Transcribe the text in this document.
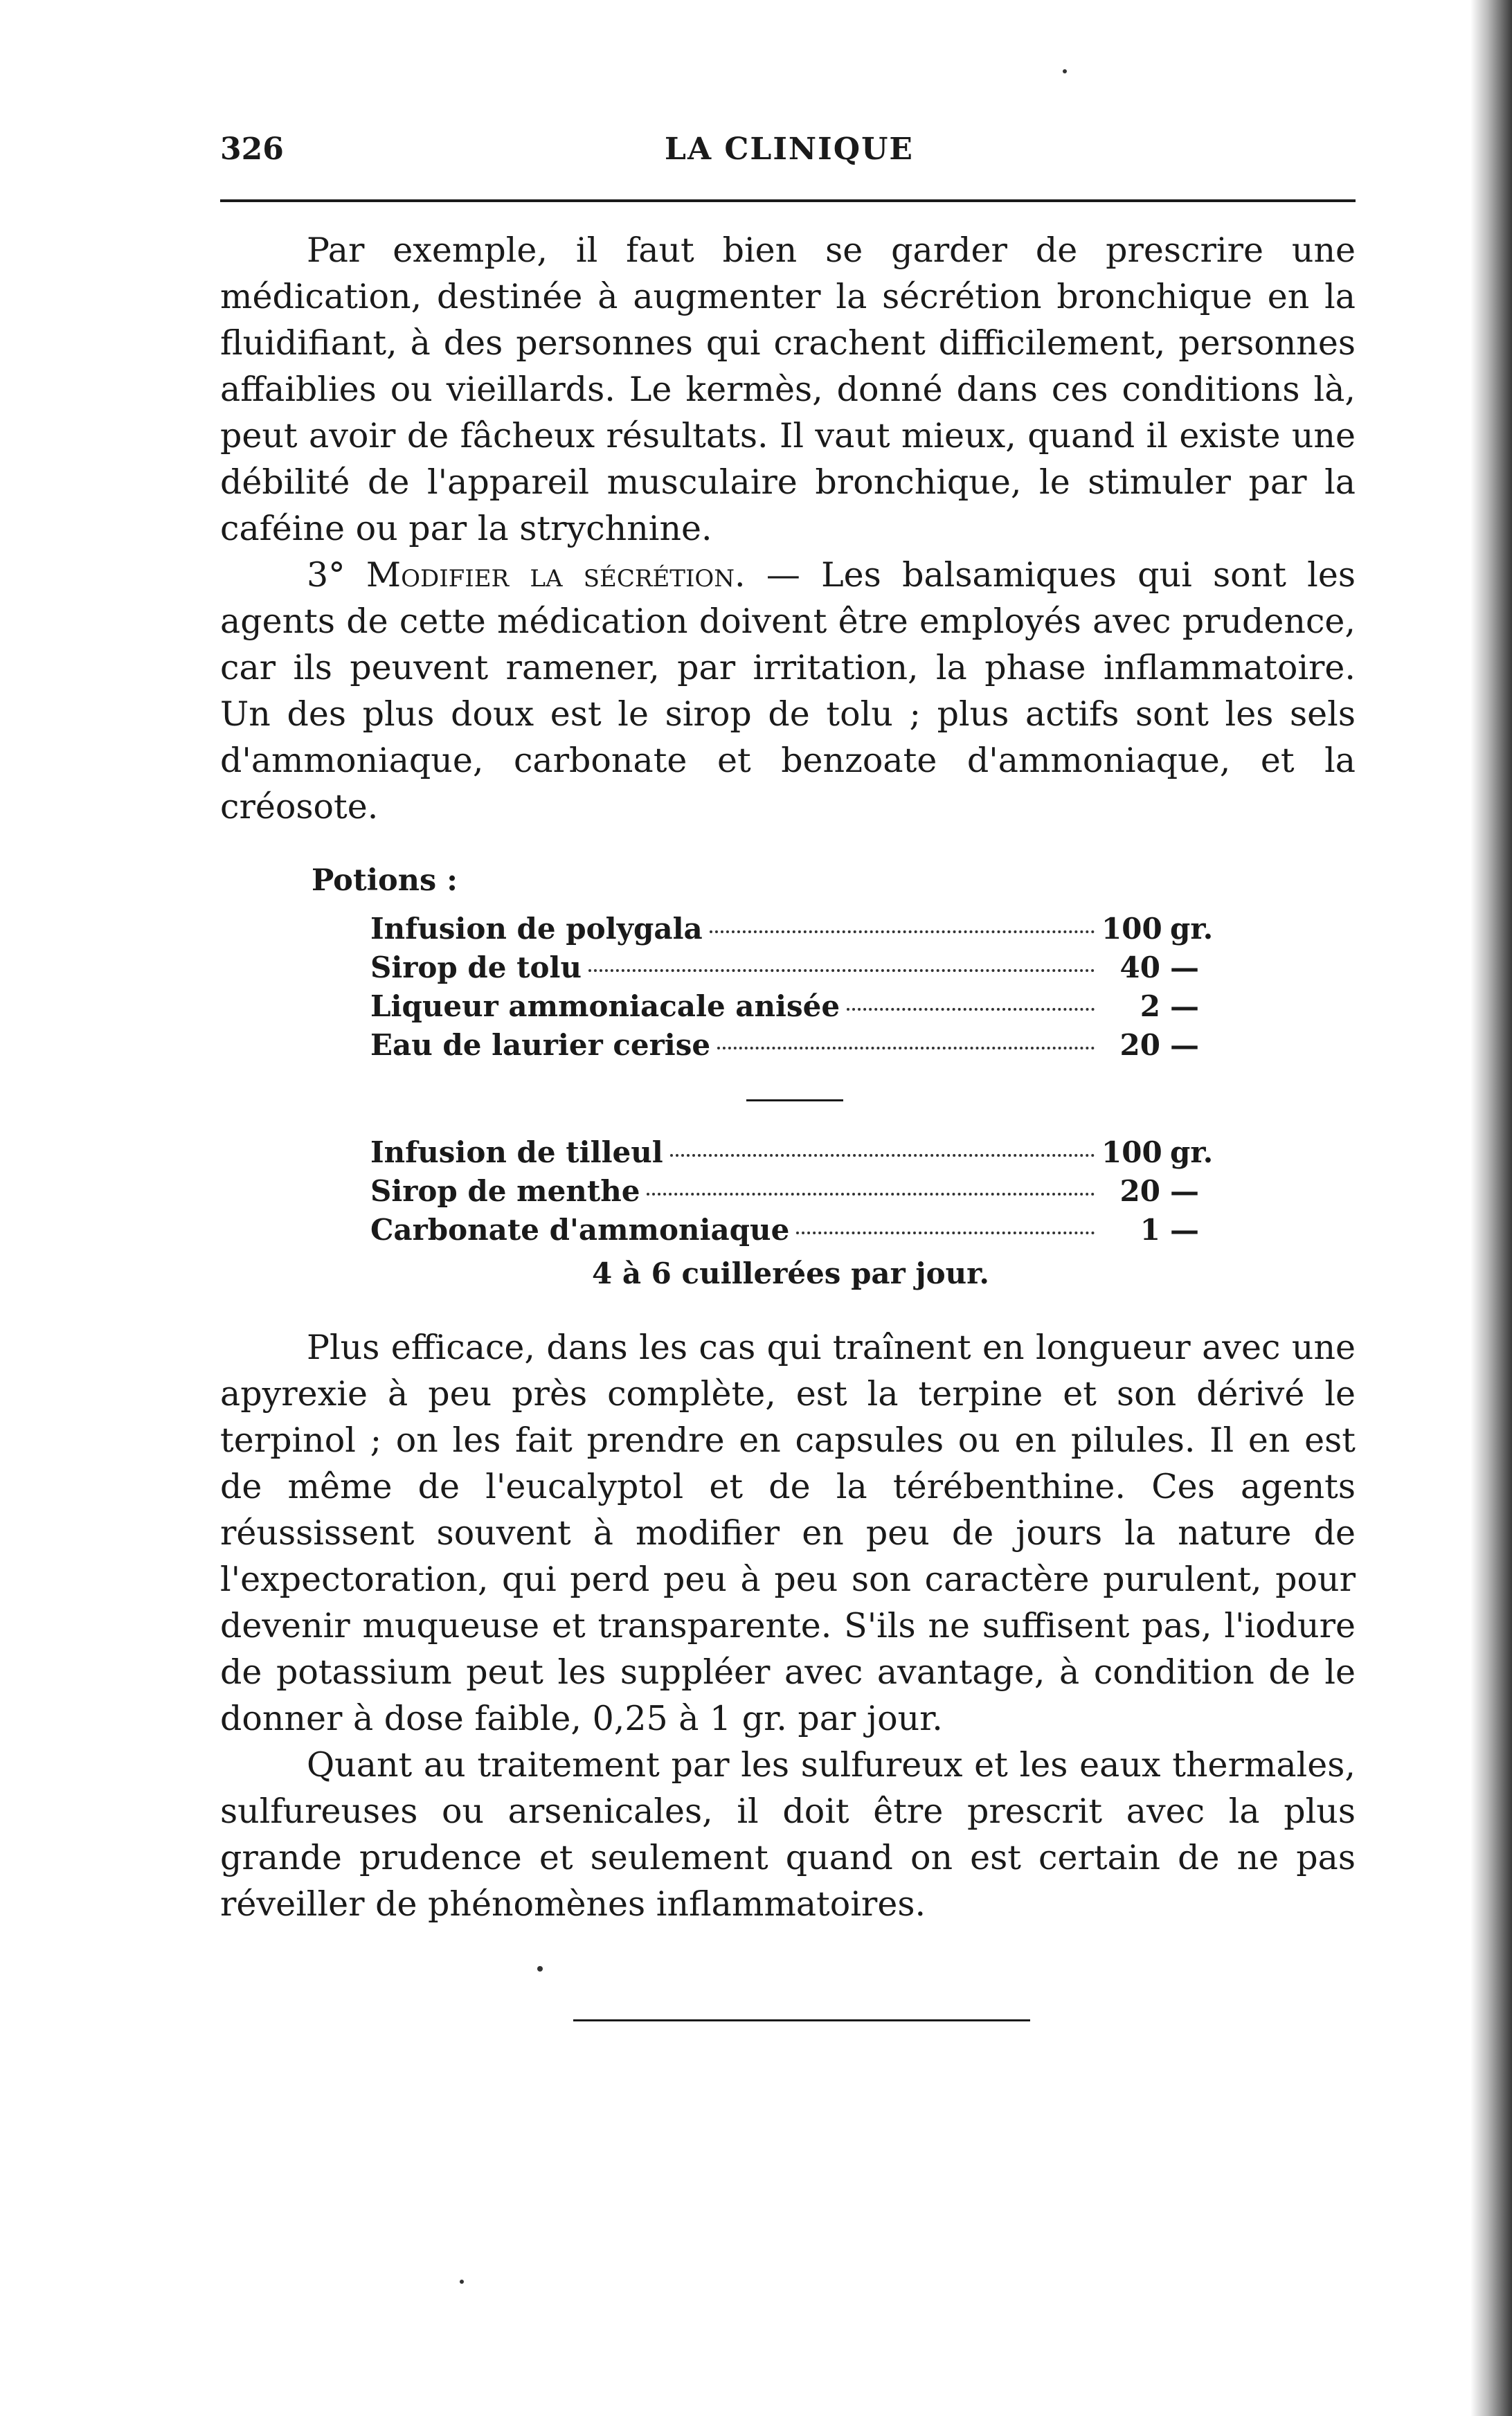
326	LA CLINIQUE

Par exemple, il faut bien se garder de prescrire une médication, destinée à augmenter la sécrétion bronchique en la fluidifiant, à des personnes qui crachent difficilement, personnes affaiblies ou vieillards. Le kermès, donné dans ces conditions là, peut avoir de fâcheux résultats. Il vaut mieux, quand il existe une débilité de l'appareil musculaire bronchique, le stimuler par la caféine ou par la strychnine.

3° Modifier la sécrétion. — Les balsamiques qui sont les agents de cette médication doivent être employés avec prudence, car ils peuvent ramener, par irritation, la phase inflammatoire. Un des plus doux est le sirop de tolu ; plus actifs sont les sels d'ammoniaque, carbonate et benzoate d'ammoniaque, et la créosote.

Potions :
Infusion de polygala	100 gr.
Sirop de tolu	40 —
Liqueur ammoniacale anisée	2 —
Eau de laurier cerise	20 —
Infusion de tilleul	100 gr.
Sirop de menthe	20 —
Carbonate d'ammoniaque	1 —
4 à 6 cuillerées par jour.

Plus efficace, dans les cas qui traînent en longueur avec une apyrexie à peu près complète, est la terpine et son dérivé le terpinol ; on les fait prendre en capsules ou en pilules. Il en est de même de l'eucalyptol et de la térébenthine. Ces agents réussissent souvent à modifier en peu de jours la nature de l'expectoration, qui perd peu à peu son caractère purulent, pour devenir muqueuse et transparente. S'ils ne suffisent pas, l'iodure de potassium peut les suppléer avec avantage, à condition de le donner à dose faible, 0,25 à 1 gr. par jour.

Quant au traitement par les sulfureux et les eaux thermales, sulfureuses ou arsenicales, il doit être prescrit avec la plus grande prudence et seulement quand on est certain de ne pas réveiller de phénomènes inflammatoires.
